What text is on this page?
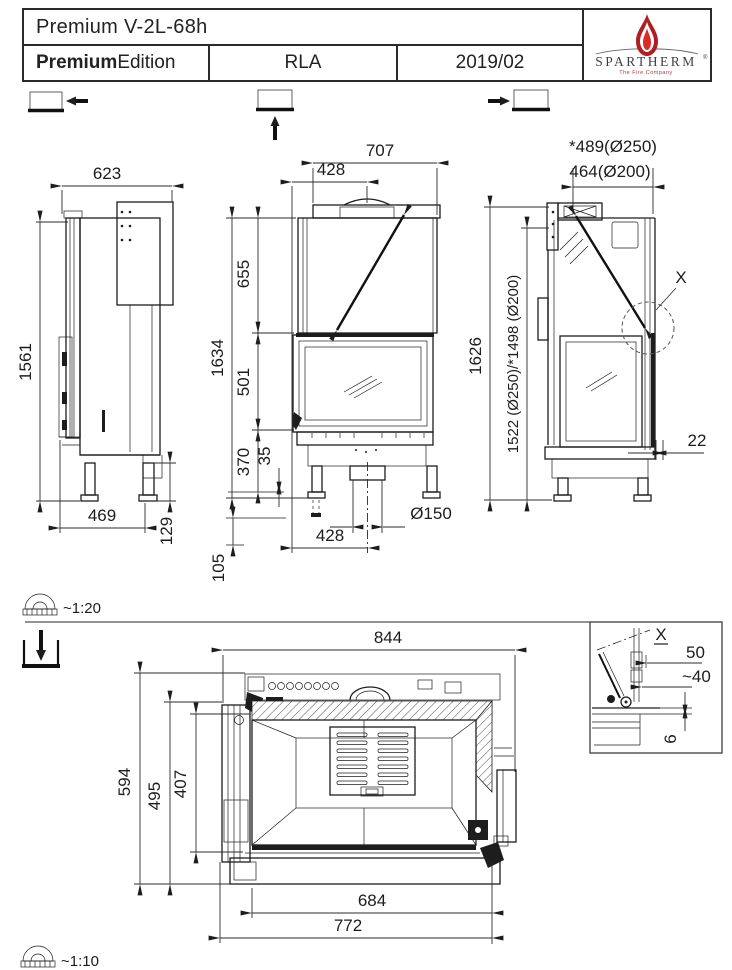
Premium V-2L-68h
Premium Edition	RLA	2019/02	SPARTHERM ®
The Fire Company
623
1561
469
129
707
428
1634
655
501
370 35
105
Ø150
428
X
*489(Ø250)
464(Ø200)
1626 1522 (Ø250)/*1498 (Ø200)	22
~1:20
844
594 495 407
684
772
X
50
~40
6
~1:10
